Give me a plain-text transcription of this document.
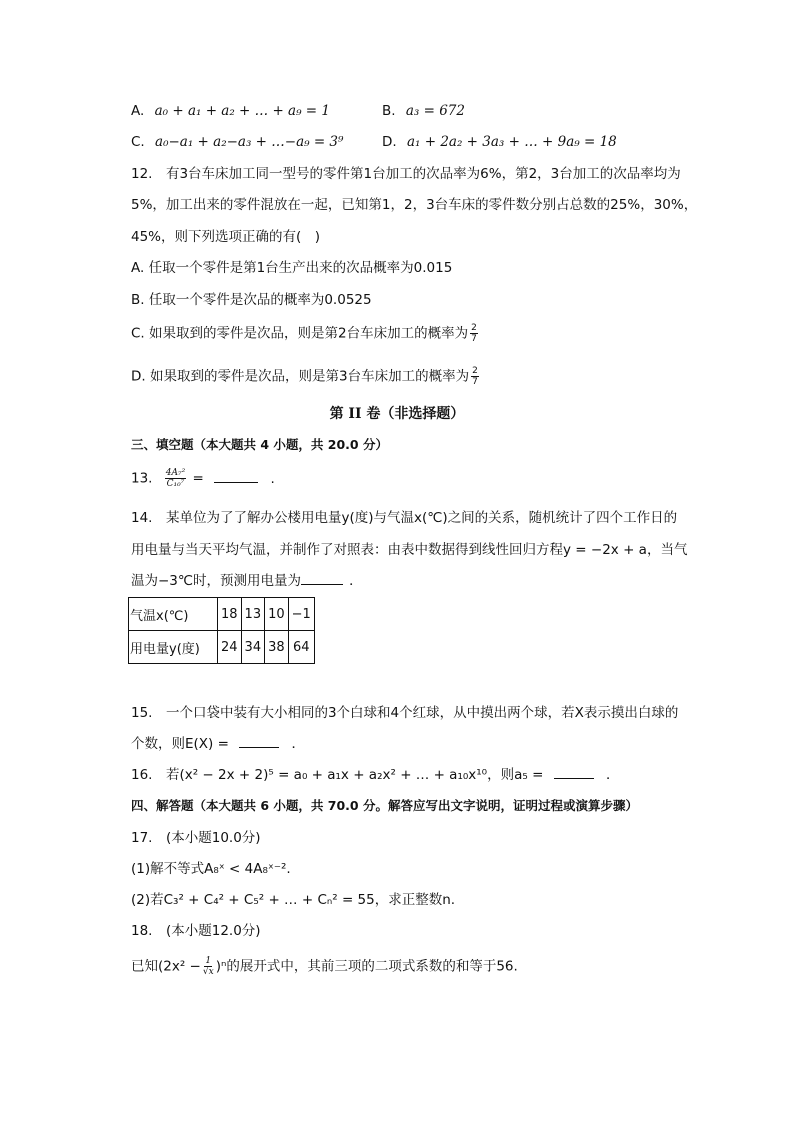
A. a₀ + a₁ + a₂ + … + a₉ = 1	B. a₃ = 672
C. a₀−a₁ + a₂−a₃ + …−a₉ = 3⁹	D. a₁ + 2a₂ + 3a₃ + … + 9a₉ = 18
12.　有3台车床加工同一型号的零件第1台加工的次品率为6%，第2，3台加工的次品率均为
5%，加工出来的零件混放在一起，已知第1，2，3台车床的零件数分别占总数的25%，30%，
45%，则下列选项正确的有(　)
A. 任取一个零件是第1台生产出来的次品概率为0.015
B. 任取一个零件是次品的概率为0.0525
C. 如果取到的零件是次品，则是第2台车床加工的概率为 $\frac{2}{7}$
D. 如果取到的零件是次品，则是第3台车床加工的概率为 $\frac{2}{7}$
第 II 卷（非选择题）
三、填空题（本大题共 4 小题，共 20.0 分）
13. $\frac{\text{4A₇²}}{\text{C₁₀⁷}}$ =	.
14.　某单位为了了解办公楼用电量y(度)与气温x(℃)之间的关系，随机统计了四个工作日的
用电量与当天平均气温，并制作了对照表：由表中数据得到线性回归方程y = −2x + a，当气
温为−3℃时，预测用电量为	．
气温x(℃)	18	13	10	−1
用电量y(度)	24	34	38	64
15.　一个口袋中装有大小相同的3个白球和4个红球，从中摸出两个球，若X表示摸出白球的
个数，则E(X) =	．
16.　若(x² − 2x + 2)⁵ = a₀ + a₁x + a₂x² + … + a₁₀x¹⁰，则a₅ =	．
四、解答题（本大题共 6 小题，共 70.0 分。解答应写出文字说明，证明过程或演算步骤）
17.　(本小题10.0分)
(1)解不等式A₈ˣ < 4A₈ˣ⁻².
(2)若C₃² + C₄² + C₅² + … + Cₙ² = 55，求正整数n.
18.　(本小题12.0分)
已知$(2x^2 - \frac{1}{√x} )^n$的展开式中，其前三项的二项式系数的和等于56.
